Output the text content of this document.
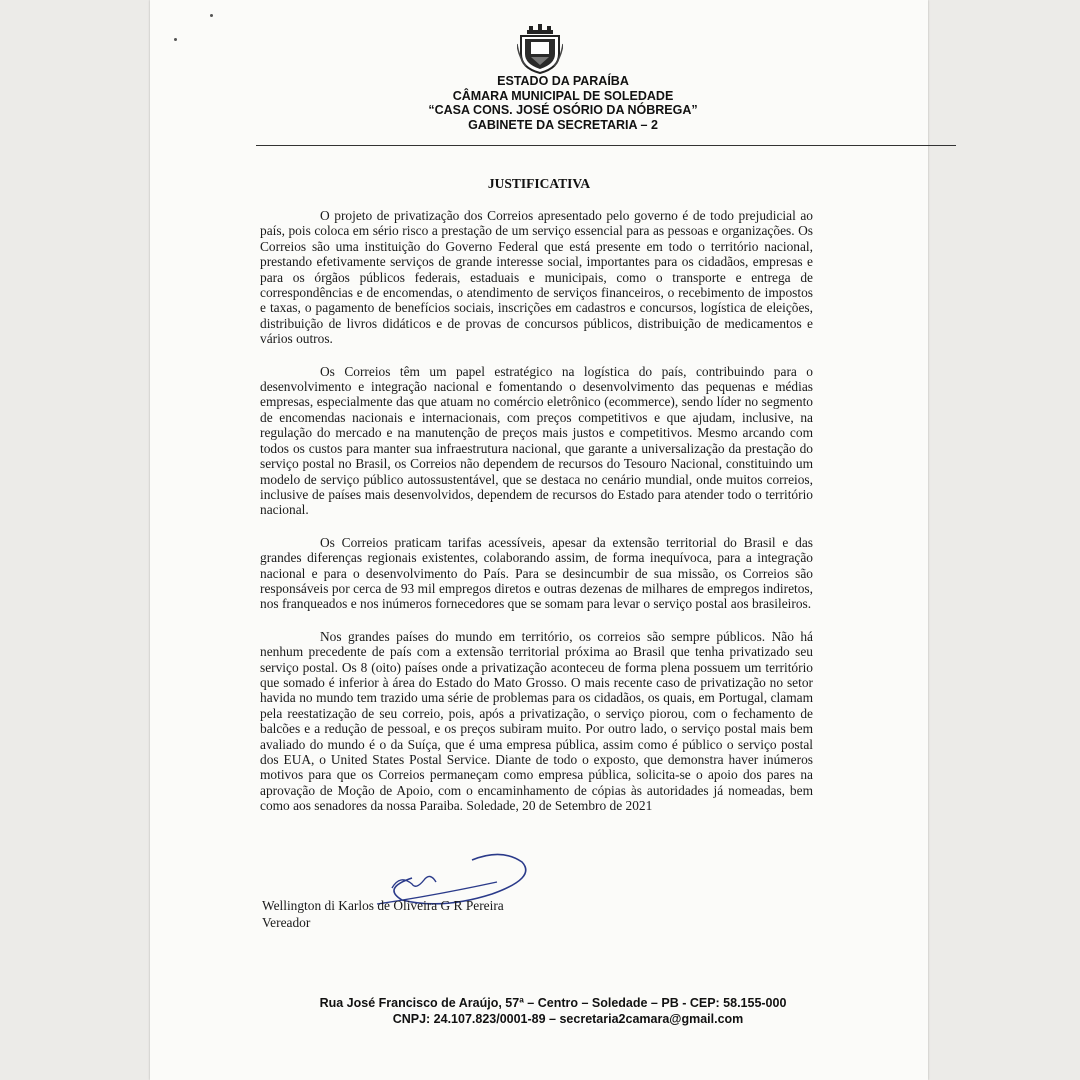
ESTADO DA PARAÍBA
CÂMARA MUNICIPAL DE SOLEDADE
“CASA CONS. JOSÉ OSÓRIO DA NÓBREGA”
GABINETE DA SECRETARIA – 2
JUSTIFICATIVA

O projeto de privatização dos Correios apresentado pelo governo é de todo prejudicial ao país, pois coloca em sério risco a prestação de um serviço essencial para as pessoas e organizações. Os Correios são uma instituição do Governo Federal que está presente em todo o território nacional, prestando efetivamente serviços de grande interesse social, importantes para os cidadãos, empresas e para os órgãos públicos federais, estaduais e municipais, como o transporte e entrega de correspondências e de encomendas, o atendimento de serviços financeiros, o recebimento de impostos e taxas, o pagamento de benefícios sociais, inscrições em cadastros e concursos, logística de eleições, distribuição de livros didáticos e de provas de concursos públicos, distribuição de medicamentos e vários outros.

Os Correios têm um papel estratégico na logística do país, contribuindo para o desenvolvimento e integração nacional e fomentando o desenvolvimento das pequenas e médias empresas, especialmente das que atuam no comércio eletrônico (ecommerce), sendo líder no segmento de encomendas nacionais e internacionais, com preços competitivos e que ajudam, inclusive, na regulação do mercado e na manutenção de preços mais justos e competitivos. Mesmo arcando com todos os custos para manter sua infraestrutura nacional, que garante a universalização da prestação do serviço postal no Brasil, os Correios não dependem de recursos do Tesouro Nacional, constituindo um modelo de serviço público autossustentável, que se destaca no cenário mundial, onde muitos correios, inclusive de países mais desenvolvidos, dependem de recursos do Estado para atender todo o território nacional.

Os Correios praticam tarifas acessíveis, apesar da extensão territorial do Brasil e das grandes diferenças regionais existentes, colaborando assim, de forma inequívoca, para a integração nacional e para o desenvolvimento do País. Para se desincumbir de sua missão, os Correios são responsáveis por cerca de 93 mil empregos diretos e outras dezenas de milhares de empregos indiretos, nos franqueados e nos inúmeros fornecedores que se somam para levar o serviço postal aos brasileiros.

Nos grandes países do mundo em território, os correios são sempre públicos. Não há nenhum precedente de país com a extensão territorial próxima ao Brasil que tenha privatizado seu serviço postal. Os 8 (oito) países onde a privatização aconteceu de forma plena possuem um território que somado é inferior à área do Estado do Mato Grosso. O mais recente caso de privatização no setor havida no mundo tem trazido uma série de problemas para os cidadãos, os quais, em Portugal, clamam pela reestatização de seu correio, pois, após a privatização, o serviço piorou, com o fechamento de balcões e a redução de pessoal, e os preços subiram muito. Por outro lado, o serviço postal mais bem avaliado do mundo é o da Suíça, que é uma empresa pública, assim como é público o serviço postal dos EUA, o United States Postal Service. Diante de todo o exposto, que demonstra haver inúmeros motivos para que os Correios permaneçam como empresa pública, solicita-se o apoio dos pares na aprovação de Moção de Apoio, com o encaminhamento de cópias às autoridades já nomeadas, bem como aos senadores da nossa Paraiba. Soledade, 20 de Setembro de 2021

Wellington di Karlos de Oliveira G R Pereira
Vereador
Rua José Francisco de Araújo, 57ª – Centro – Soledade – PB - CEP: 58.155-000
CNPJ: 24.107.823/0001-89 – secretaria2camara@gmail.com
